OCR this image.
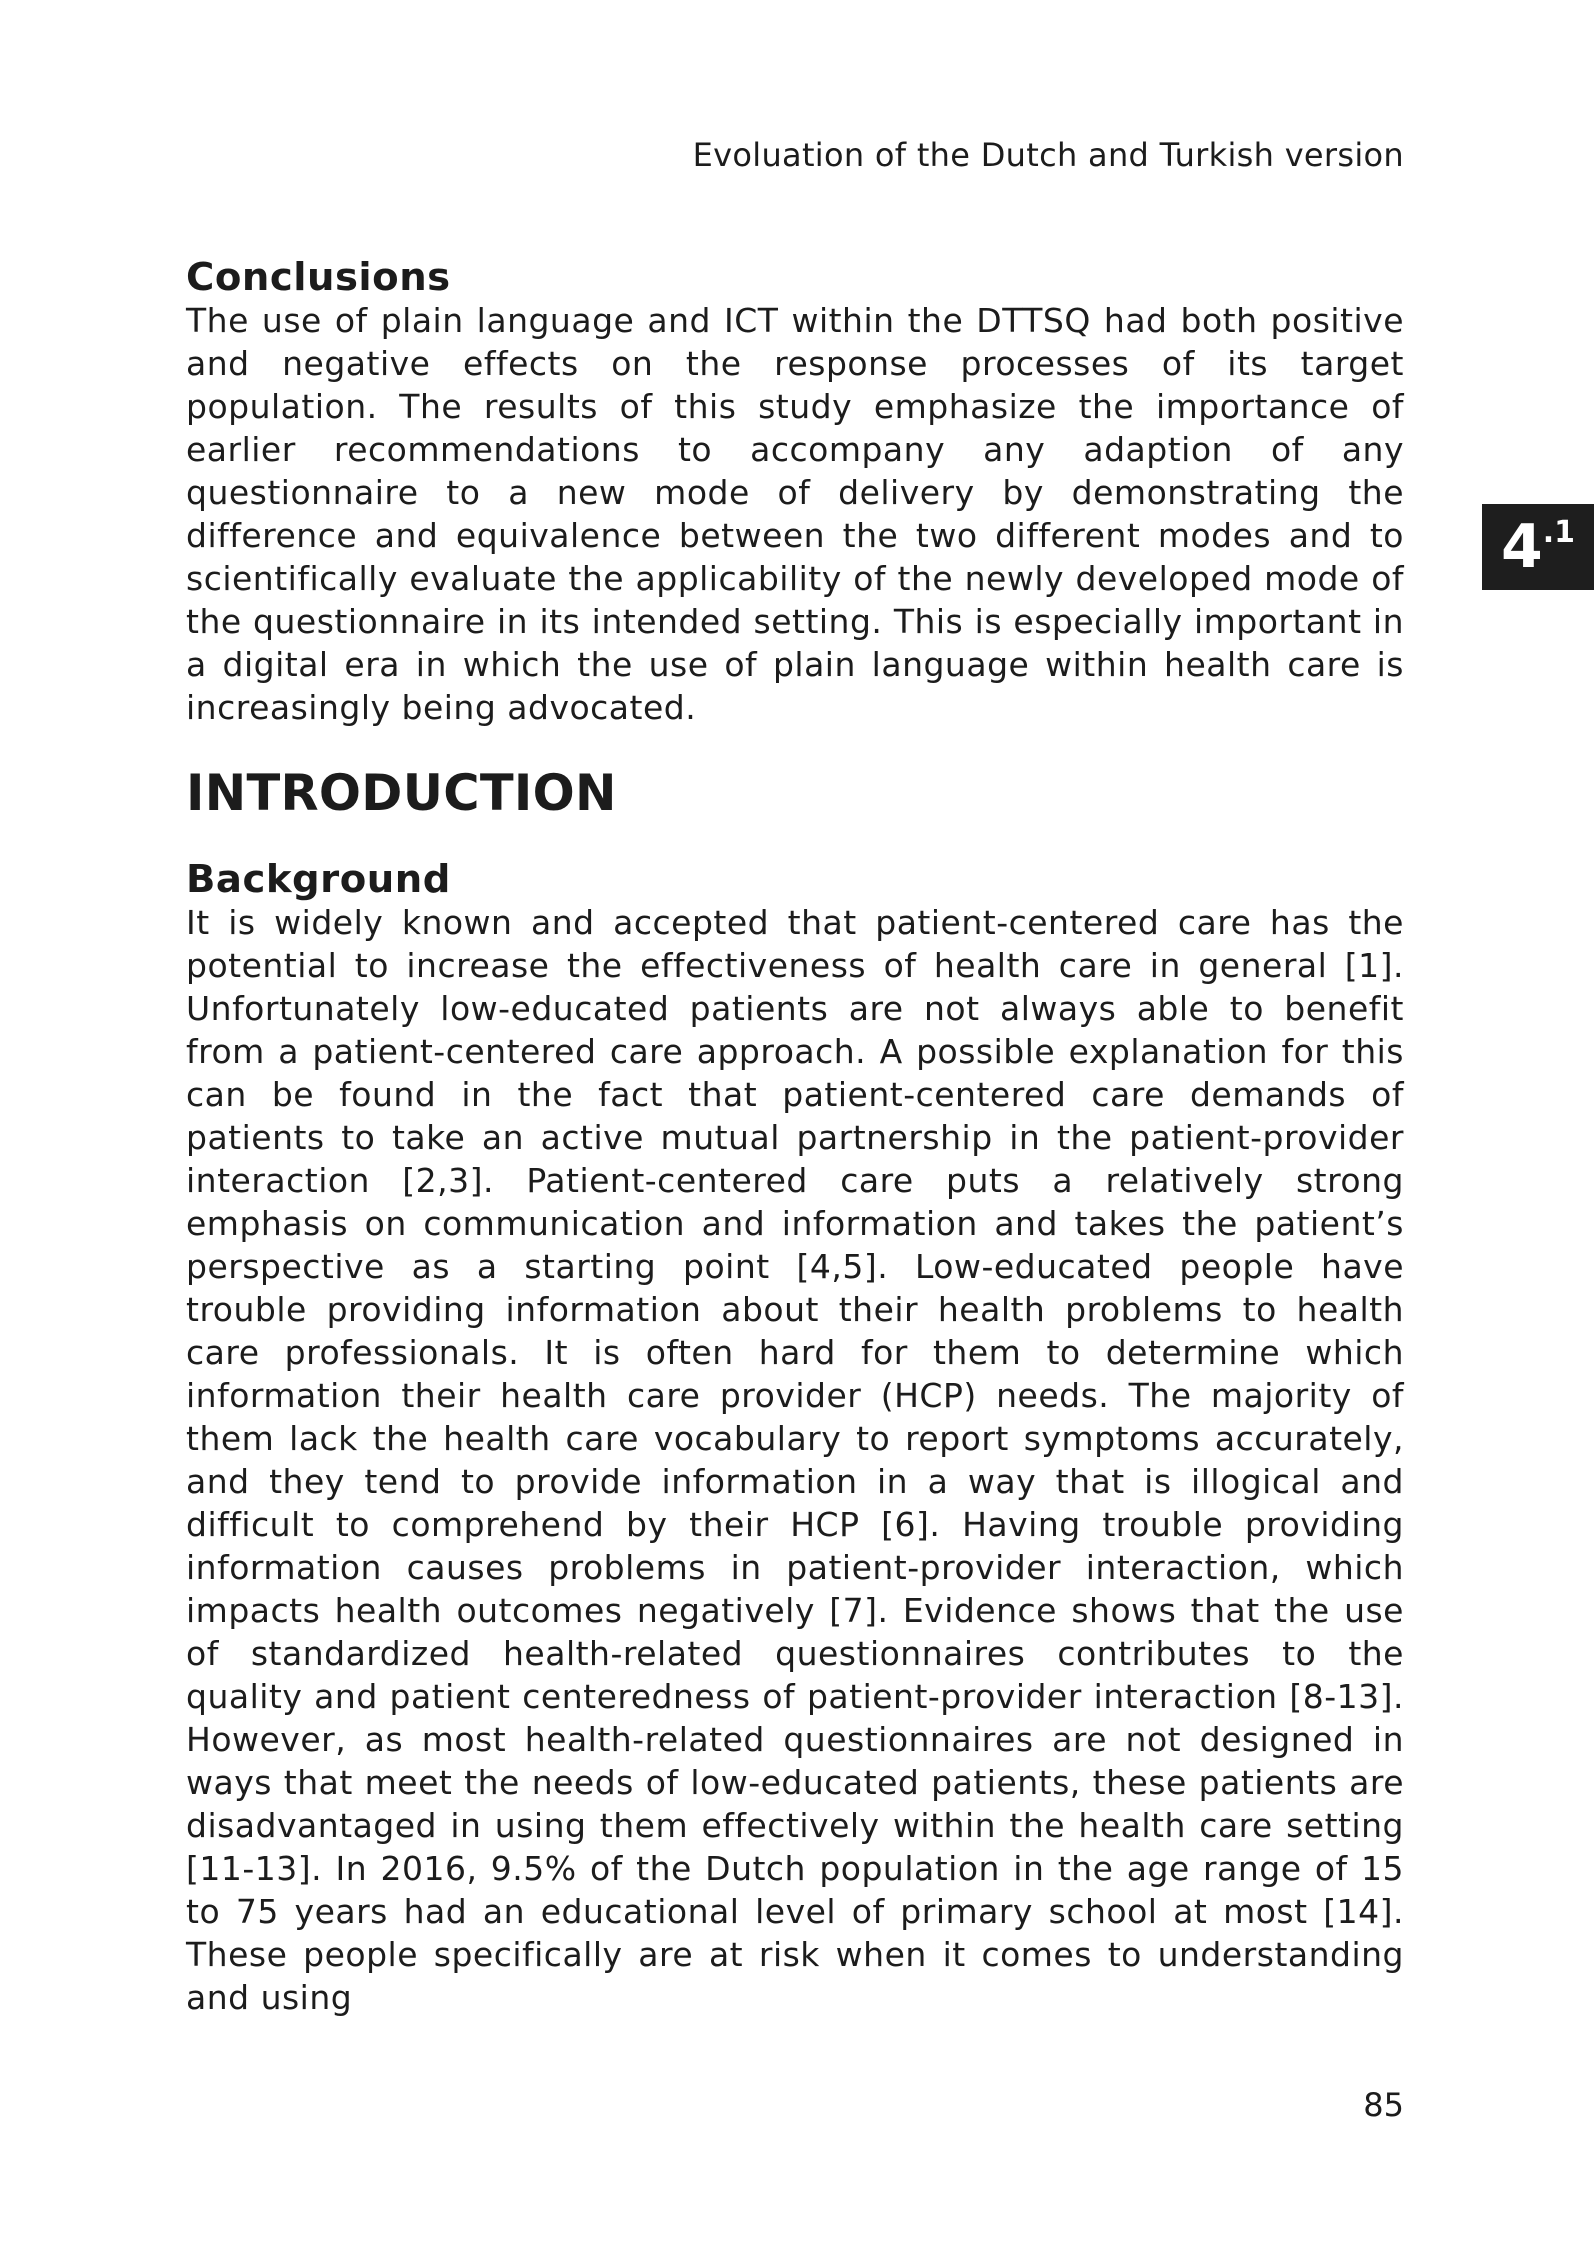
Evoluation of the Dutch and Turkish version
4 .1
Conclusions

The use of plain language and ICT within the DTTSQ had both positive and negative effects on the response processes of its target population. The results of this study emphasize the importance of earlier recommendations to accompany any adaption of any questionnaire to a new mode of delivery by demonstrating the difference and equivalence between the two different modes and to scientifically evaluate the applicability of the newly developed mode of the questionnaire in its intended setting. This is especially important in a digital era in which the use of plain language within health care is increasingly being advocated.

INTRODUCTION
Background

It is widely known and accepted that patient-centered care has the potential to increase the effectiveness of health care in general [1]. Unfortunately low-educated patients are not always able to benefit from a patient-centered care approach. A possible explanation for this can be found in the fact that patient-centered care demands of patients to take an active mutual partnership in the patient-provider interaction [2,3]. Patient-centered care puts a relatively strong emphasis on communication and information and takes the patient’s perspective as a starting point [4,5]. Low-educated people have trouble providing information about their health problems to health care professionals. It is often hard for them to determine which information their health care provider (HCP) needs. The majority of them lack the health care vocabulary to report symptoms accurately, and they tend to provide information in a way that is illogical and difficult to comprehend by their HCP [6]. Having trouble providing information causes problems in patient-provider interaction, which impacts health outcomes negatively [7]. Evidence shows that the use of standardized health-related questionnaires contributes to the quality and patient centeredness of patient-provider interaction [8-13]. However, as most health-related questionnaires are not designed in ways that meet the needs of low-educated patients, these patients are disadvantaged in using them effectively within the health care setting [11-13]. In 2016, 9.5% of the Dutch population in the age range of 15 to 75 years had an educational level of primary school at most [14]. These people specifically are at risk when it comes to understanding and using

85
